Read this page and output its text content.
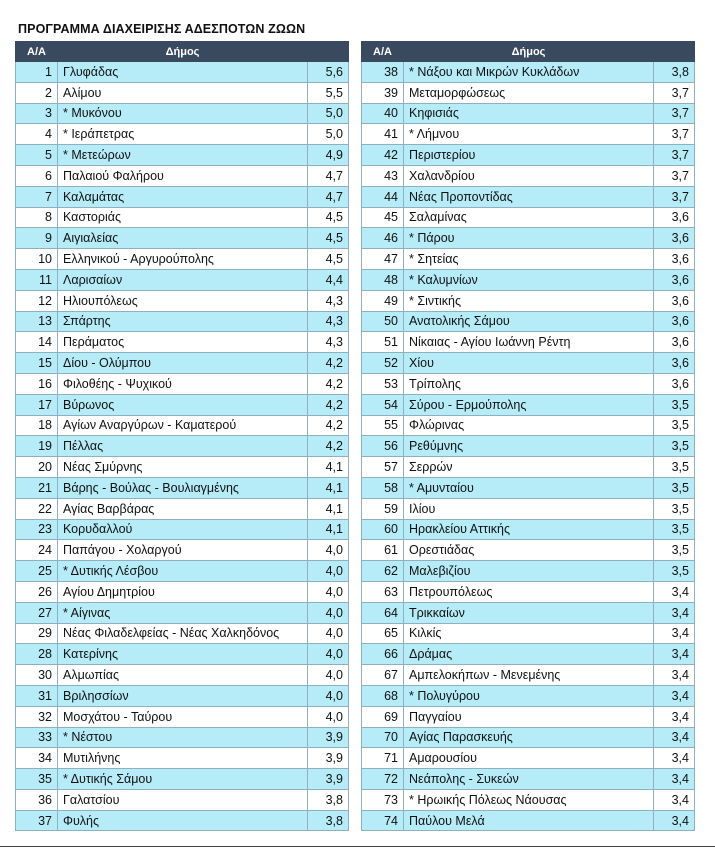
ΠΡΟΓΡΑΜΜΑ ΔΙΑΧΕΙΡΙΣΗΣ ΑΔΕΣΠΟΤΩΝ ΖΩΩΝ
Α/Α	Δήμος	
1	Γλυφάδας	5,6
2	Αλίμου	5,5
3	* Μυκόνου	5,0
4	* Ιεράπετρας	5,0
5	* Μετεώρων	4,9
6	Παλαιού Φαλήρου	4,7
7	Καλαμάτας	4,7
8	Καστοριάς	4,5
9	Αιγιαλείας	4,5
10	Ελληνικού - Αργυρούπολης	4,5
11	Λαρισαίων	4,4
12	Ηλιουπόλεως	4,3
13	Σπάρτης	4,3
14	Περάματος	4,3
15	Δίου - Ολύμπου	4,2
16	Φιλοθέης - Ψυχικού	4,2
17	Βύρωνος	4,2
18	Αγίων Αναργύρων - Καματερού	4,2
19	Πέλλας	4,2
20	Νέας Σμύρνης	4,1
21	Βάρης - Βούλας - Βουλιαγμένης	4,1
22	Αγίας Βαρβάρας	4,1
23	Κορυδαλλού	4,1
24	Παπάγου - Χολαργού	4,0
25	* Δυτικής Λέσβου	4,0
26	Αγίου Δημητρίου	4,0
27	* Αίγινας	4,0
29	Νέας Φιλαδελφείας - Νέας Χαλκηδόνος	4,0
28	Κατερίνης	4,0
30	Αλμωπίας	4,0
31	Βριλησσίων	4,0
32	Μοσχάτου - Ταύρου	4,0
33	* Νέστου	3,9
34	Μυτιλήνης	3,9
35	* Δυτικής Σάμου	3,9
36	Γαλατσίου	3,8
37	Φυλής	3,8
Α/Α	Δήμος	
38	* Νάξου και Μικρών Κυκλάδων	3,8
39	Μεταμορφώσεως	3,7
40	Κηφισιάς	3,7
41	* Λήμνου	3,7
42	Περιστερίου	3,7
43	Χαλανδρίου	3,7
44	Νέας Προποντίδας	3,7
45	Σαλαμίνας	3,6
46	* Πάρου	3,6
47	* Σητείας	3,6
48	* Καλυμνίων	3,6
49	* Σιντικής	3,6
50	Ανατολικής Σάμου	3,6
51	Νίκαιας - Αγίου Ιωάννη Ρέντη	3,6
52	Χίου	3,6
53	Τρίπολης	3,6
54	Σύρου - Ερμούπολης	3,5
55	Φλώρινας	3,5
56	Ρεθύμνης	3,5
57	Σερρών	3,5
58	* Αμυνταίου	3,5
59	Ιλίου	3,5
60	Ηρακλείου Αττικής	3,5
61	Ορεστιάδας	3,5
62	Μαλεβιζίου	3,5
63	Πετρουπόλεως	3,4
64	Τρικκαίων	3,4
65	Κιλκίς	3,4
66	Δράμας	3,4
67	Αμπελοκήπων - Μενεμένης	3,4
68	* Πολυγύρου	3,4
69	Παγγαίου	3,4
70	Αγίας Παρασκευής	3,4
71	Αμαρουσίου	3,4
72	Νεάπολης - Συκεών	3,4
73	* Ηρωικής Πόλεως Νάουσας	3,4
74	Παύλου Μελά	3,4
